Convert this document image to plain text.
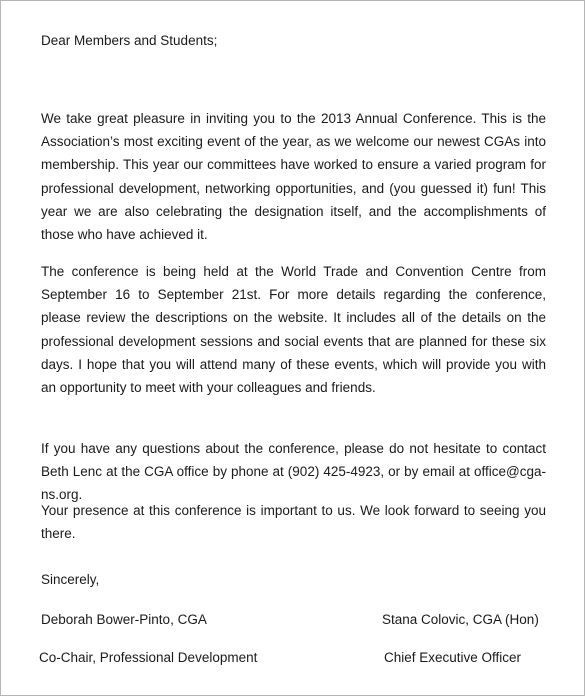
Dear Members and Students;

We take great pleasure in inviting you to the 2013 Annual Conference. This is the Association’s most exciting event of the year, as we welcome our newest CGAs into membership. This year our committees have worked to ensure a varied program for professional development, networking opportunities, and (you guessed it) fun! This year we are also celebrating the designation itself, and the accomplishments of those who have achieved it.

The conference is being held at the World Trade and Convention Centre from September 16 to September 21st. For more details regarding the conference, please review the descriptions on the website. It includes all of the details on the professional development sessions and social events that are planned for these six days. I hope that you will attend many of these events, which will provide you with an opportunity to meet with your colleagues and friends.

If you have any questions about the conference, please do not hesitate to contact Beth Lenc at the CGA office by phone at (902) 425-4923, or by email at office@cga-ns.org.

Your presence at this conference is important to us. We look forward to seeing you there.

Sincerely,

Deborah Bower-Pinto, CGA

Co-Chair, Professional Development

Stana Colovic, CGA (Hon)

Chief Executive Officer
